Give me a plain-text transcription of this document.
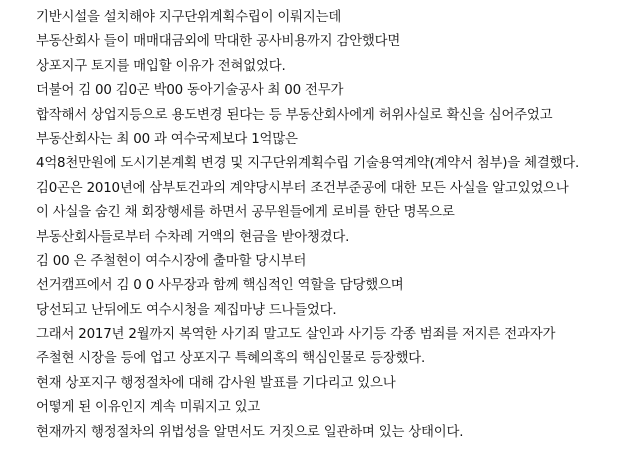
기반시설을 설치해야 지구단위계획수립이 이뤄지는데
부동산회사 들이 매매대금외에 막대한 공사비용까지 감안했다면
상포지구 토지를 매입할 이유가 전혀없었다.
더불어 김 00 김0곤 박00 동아기술공사 최 00 전무가
합작해서 상업지등으로 용도변경 된다는 등 부동산회사에게 허위사실로 확신을 심어주었고
부동산회사는 최 00 과 여수국제보다 1억많은
4억8천만원에 도시기본계획 변경 및 지구단위계획수립 기술용역계약(계약서 첨부)을 체결했다.
김0곤은 2010년에 삼부토건과의 계약당시부터 조건부준공에 대한 모든 사실을 알고있었으나
이 사실을 숨긴 채 회장행세를 하면서 공무원들에게 로비를 한단 명목으로
부동산회사들로부터 수차례 거액의 현금을 받아챙겼다.
김 00 은 주철현이 여수시장에 출마할 당시부터
선거캠프에서 김 0 0 사무장과 함께 핵심적인 역할을 담당했으며
당선되고 난뒤에도 여수시청을 제집마냥 드나들었다.
그래서 2017년 2월까지 복역한 사기죄 말고도 살인과 사기등 각종 범죄를 저지른 전과자가
주철현 시장을 등에 업고 상포지구 특혜의혹의 핵심인물로 등장했다.
현재 상포지구 행정절차에 대해 감사원 발표를 기다리고 있으나
어떻게 된 이유인지 계속 미뤄지고 있고
현재까지 행정절차의 위법성을 알면서도 거짓으로 일관하며 있는 상태이다.
